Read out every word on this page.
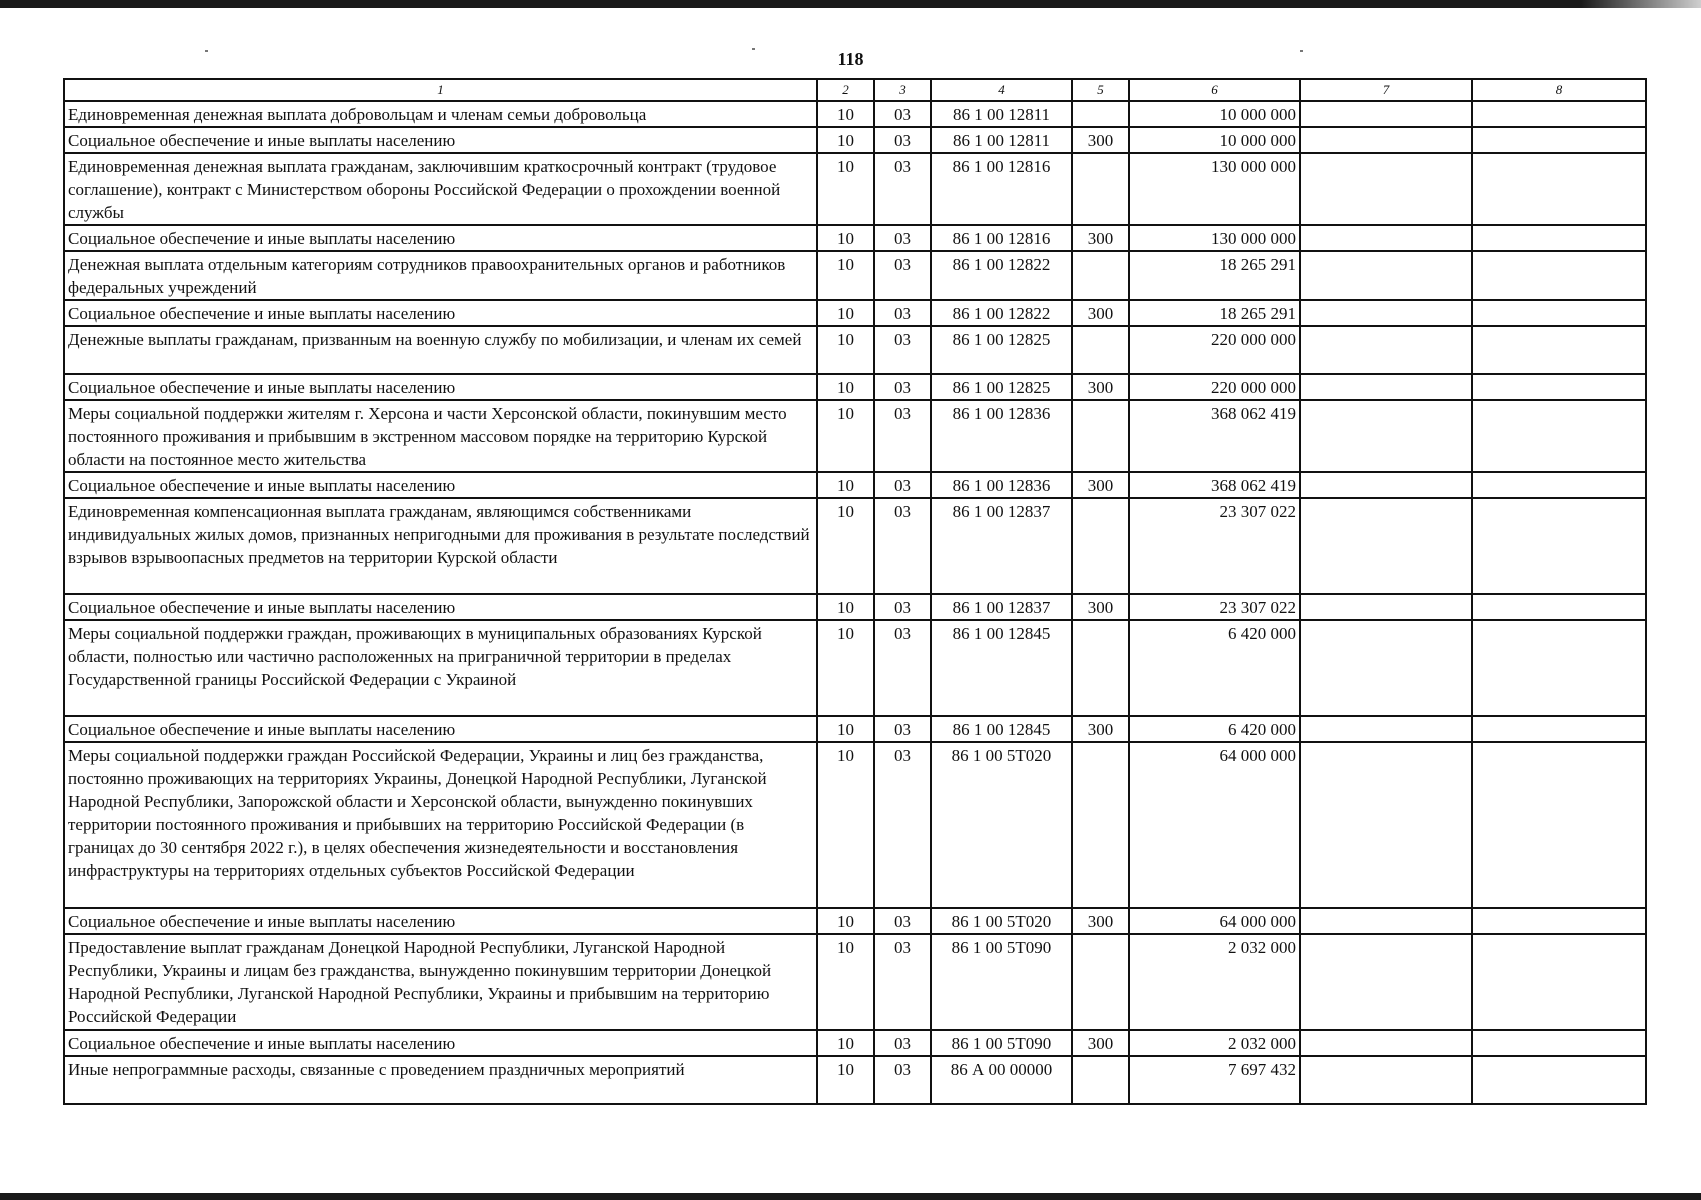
118
1	2	3	4	5	6	7	8
Единовременная денежная выплата добровольцам и членам семьи добровольца	10	03	86 1 00 12811		10 000 000		
Социальное обеспечение и иные выплаты населению	10	03	86 1 00 12811	300	10 000 000		
Единовременная денежная выплата гражданам, заключившим краткосрочный контракт (трудовое соглашение), контракт с Министерством обороны Российской Федерации о прохождении военной службы	10	03	86 1 00 12816		130 000 000		
Социальное обеспечение и иные выплаты населению	10	03	86 1 00 12816	300	130 000 000		
Денежная выплата отдельным категориям сотрудников правоохранительных органов и работников федеральных учреждений	10	03	86 1 00 12822		18 265 291		
Социальное обеспечение и иные выплаты населению	10	03	86 1 00 12822	300	18 265 291		
Денежные выплаты гражданам, призванным на военную службу по мобилизации, и членам их семей	10	03	86 1 00 12825		220 000 000		
Социальное обеспечение и иные выплаты населению	10	03	86 1 00 12825	300	220 000 000		
Меры социальной поддержки жителям г. Херсона и части Херсонской области, покинувшим место постоянного проживания и прибывшим в экстренном массовом порядке на территорию Курской области на постоянное место жительства	10	03	86 1 00 12836		368 062 419		
Социальное обеспечение и иные выплаты населению	10	03	86 1 00 12836	300	368 062 419		
Единовременная компенсационная выплата гражданам, являющимся собственниками индивидуальных жилых домов, признанных непригодными для проживания в результате последствий взрывов взрывоопасных предметов на территории Курской области	10	03	86 1 00 12837		23 307 022		
Социальное обеспечение и иные выплаты населению	10	03	86 1 00 12837	300	23 307 022		
Меры социальной поддержки граждан, проживающих в муниципальных образованиях Курской области, полностью или частично расположенных на приграничной территории в пределах Государственной границы Российской Федерации с Украиной	10	03	86 1 00 12845		6 420 000		
Социальное обеспечение и иные выплаты населению	10	03	86 1 00 12845	300	6 420 000		
Меры социальной поддержки граждан Российской Федерации, Украины и лиц без гражданства, постоянно проживающих на территориях Украины, Донецкой Народной Республики, Луганской Народной Республики, Запорожской области и Херсонской области, вынужденно покинувших территории постоянного проживания и прибывших на территорию Российской Федерации (в границах до 30 сентября 2022 г.), в целях обеспечения жизнедеятельности и восстановления инфраструктуры на территориях отдельных субъектов Российской Федерации	10	03	86 1 00 5Т020		64 000 000		
Социальное обеспечение и иные выплаты населению	10	03	86 1 00 5Т020	300	64 000 000		
Предоставление выплат гражданам Донецкой Народной Республики, Луганской Народной Республики, Украины и лицам без гражданства, вынужденно покинувшим территории Донецкой Народной Республики, Луганской Народной Республики, Украины и прибывшим на территорию Российской Федерации	10	03	86 1 00 5Т090		2 032 000		
Социальное обеспечение и иные выплаты населению	10	03	86 1 00 5Т090	300	2 032 000		
Иные непрограммные расходы, связанные с проведением праздничных мероприятий	10	03	86 А 00 00000		7 697 432		
